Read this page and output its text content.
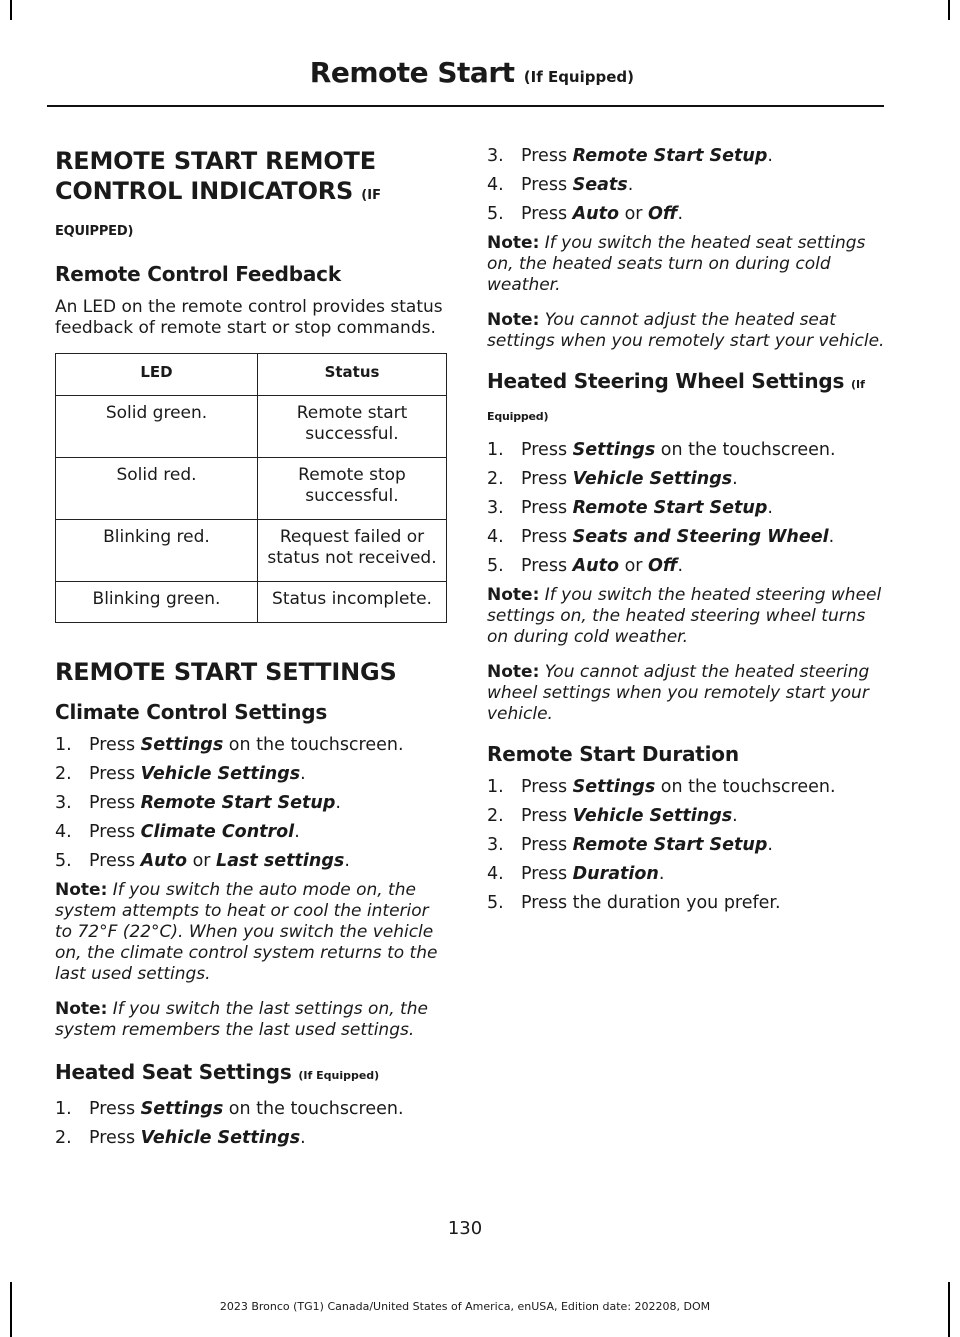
Remote Start (If Equipped)
REMOTE START REMOTE
CONTROL INDICATORS (IF
EQUIPPED)
Remote Control Feedback

An LED on the remote control provides status feedback of remote start or stop commands.

LED	Status
Solid green.	Remote start successful.
Solid red.	Remote stop successful.
Blinking red.	Request failed or status not received.
Blinking green.	Status incomplete.
REMOTE START SETTINGS
Climate Control Settings
1. Press Settings on the touchscreen.
2. Press Vehicle Settings.
3. Press Remote Start Setup.
4. Press Climate Control.
5. Press Auto or Last settings.

Note: If you switch the auto mode on, the system attempts to heat or cool the interior to 72°F (22°C). When you switch the vehicle on, the climate control system returns to the last used settings.

Note: If you switch the last settings on, the system remembers the last used settings.

Heated Seat Settings (If Equipped)
1. Press Settings on the touchscreen.
2. Press Vehicle Settings.
3. Press Remote Start Setup.
4. Press Seats.
5. Press Auto or Off.

Note: If you switch the heated seat settings on, the heated seats turn on during cold weather.

Note: You cannot adjust the heated seat settings when you remotely start your vehicle.

Heated Steering Wheel Settings (If
Equipped)
1. Press Settings on the touchscreen.
2. Press Vehicle Settings.
3. Press Remote Start Setup.
4. Press Seats and Steering Wheel.
5. Press Auto or Off.

Note: If you switch the heated steering wheel settings on, the heated steering wheel turns on during cold weather.

Note: You cannot adjust the heated steering wheel settings when you remotely start your vehicle.

Remote Start Duration
1. Press Settings on the touchscreen.
2. Press Vehicle Settings.
3. Press Remote Start Setup.
4. Press Duration.
5. Press the duration you prefer.
130
2023 Bronco (TG1) Canada/United States of America, enUSA, Edition date: 202208, DOM
